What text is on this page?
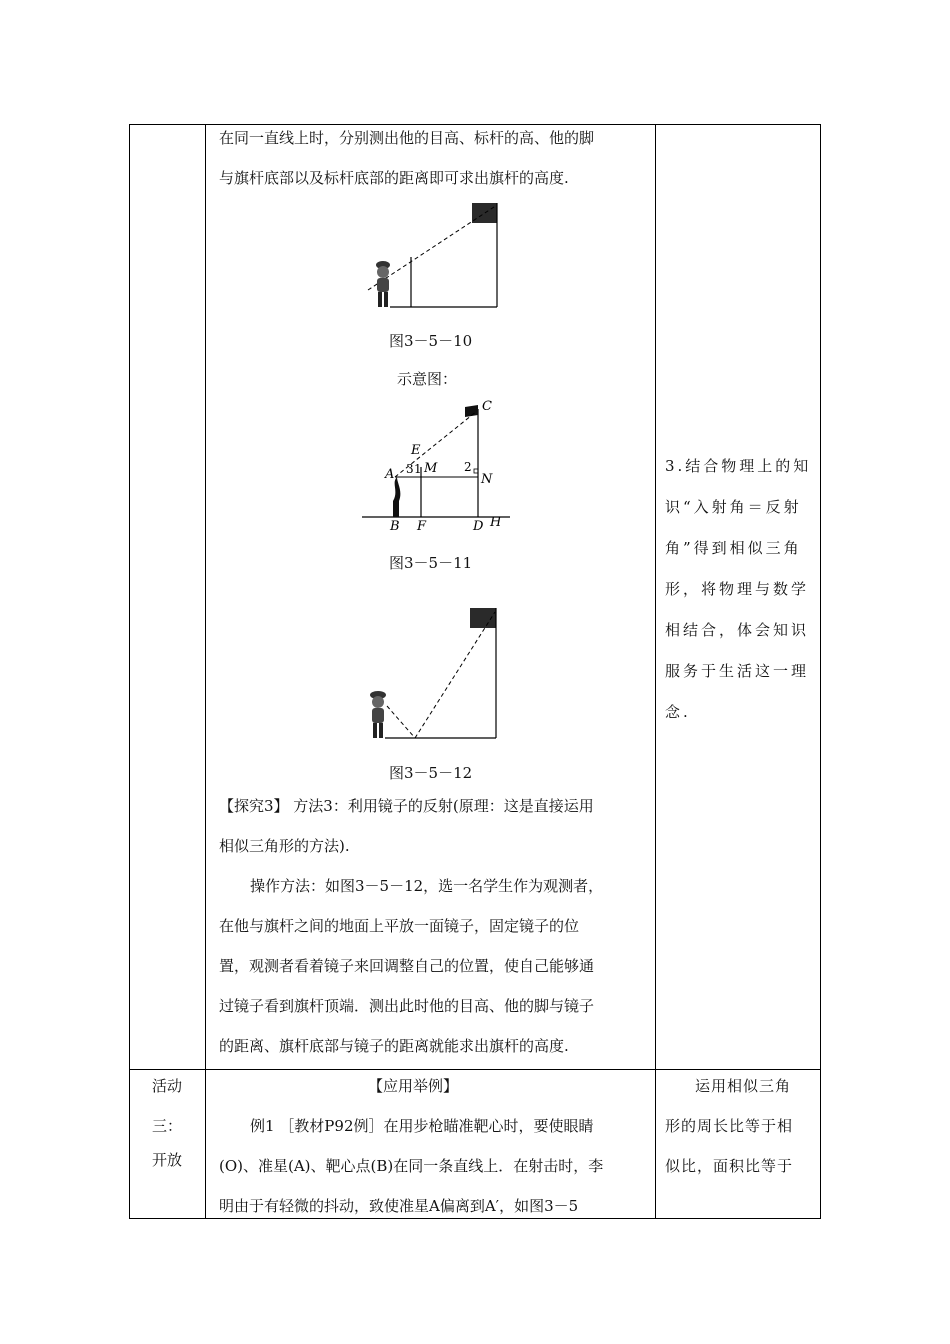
在同一直线上时，分别测出他的目高、标杆的高、他的脚
与旗杆底部以及标杆底部的距离即可求出旗杆的高度.
图3－5－10
示意图：
C
E
A 3 1 M 2
N
B F	D H
图3－5－11
图3－5－12
【探究3】 方法3：利用镜子的反射(原理：这是直接运用
相似三角形的方法).
操作方法：如图3－5－12，选一名学生作为观测者，
在他与旗杆之间的地面上平放一面镜子，固定镜子的位
置，观测者看着镜子来回调整自己的位置，使自己能够通
过镜子看到旗杆顶端．测出此时他的目高、他的脚与镜子
的距离、旗杆底部与镜子的距离就能求出旗杆的高度.
3.结合物理上的知
识“入射角＝反射
角”得到相似三角
形，将物理与数学
相结合，体会知识
服务于生活这一理
念.
活动
三：
开放
【应用举例】
例1 ［教材P92例］在用步枪瞄准靶心时，要使眼睛
(O)、准星(A)、靶心点(B)在同一条直线上．在射击时，李
明由于有轻微的抖动，致使准星A偏离到A′，如图3－5
运用相似三角
形的周长比等于相
似比，面积比等于
